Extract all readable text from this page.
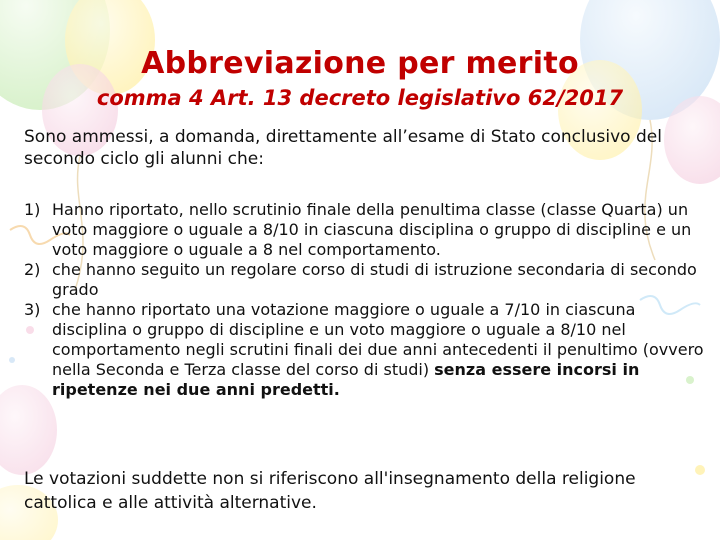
Abbreviazione per merito
comma 4 Art. 13 decreto legislativo 62/2017
Sono ammessi, a domanda, direttamente all’esame di Stato conclusivo del secondo ciclo gli alunni che:
1) Hanno riportato, nello scrutinio finale della penultima classe (classe Quarta) un voto maggiore o uguale a 8/10 in ciascuna disciplina o gruppo di discipline e un voto maggiore o uguale a 8 nel comportamento.
2) che hanno seguito un regolare corso di studi di istruzione secondaria di secondo grado
3) che hanno riportato una votazione maggiore o uguale a 7/10 in ciascuna disciplina o gruppo di discipline e un voto maggiore o uguale a 8/10 nel comportamento negli scrutini finali dei due anni antecedenti il penultimo (ovvero nella Seconda e Terza classe del corso di studi) senza essere incorsi in ripetenze nei due anni predetti.
Le votazioni suddette non si riferiscono all'insegnamento della religione cattolica e alle attività alternative.
